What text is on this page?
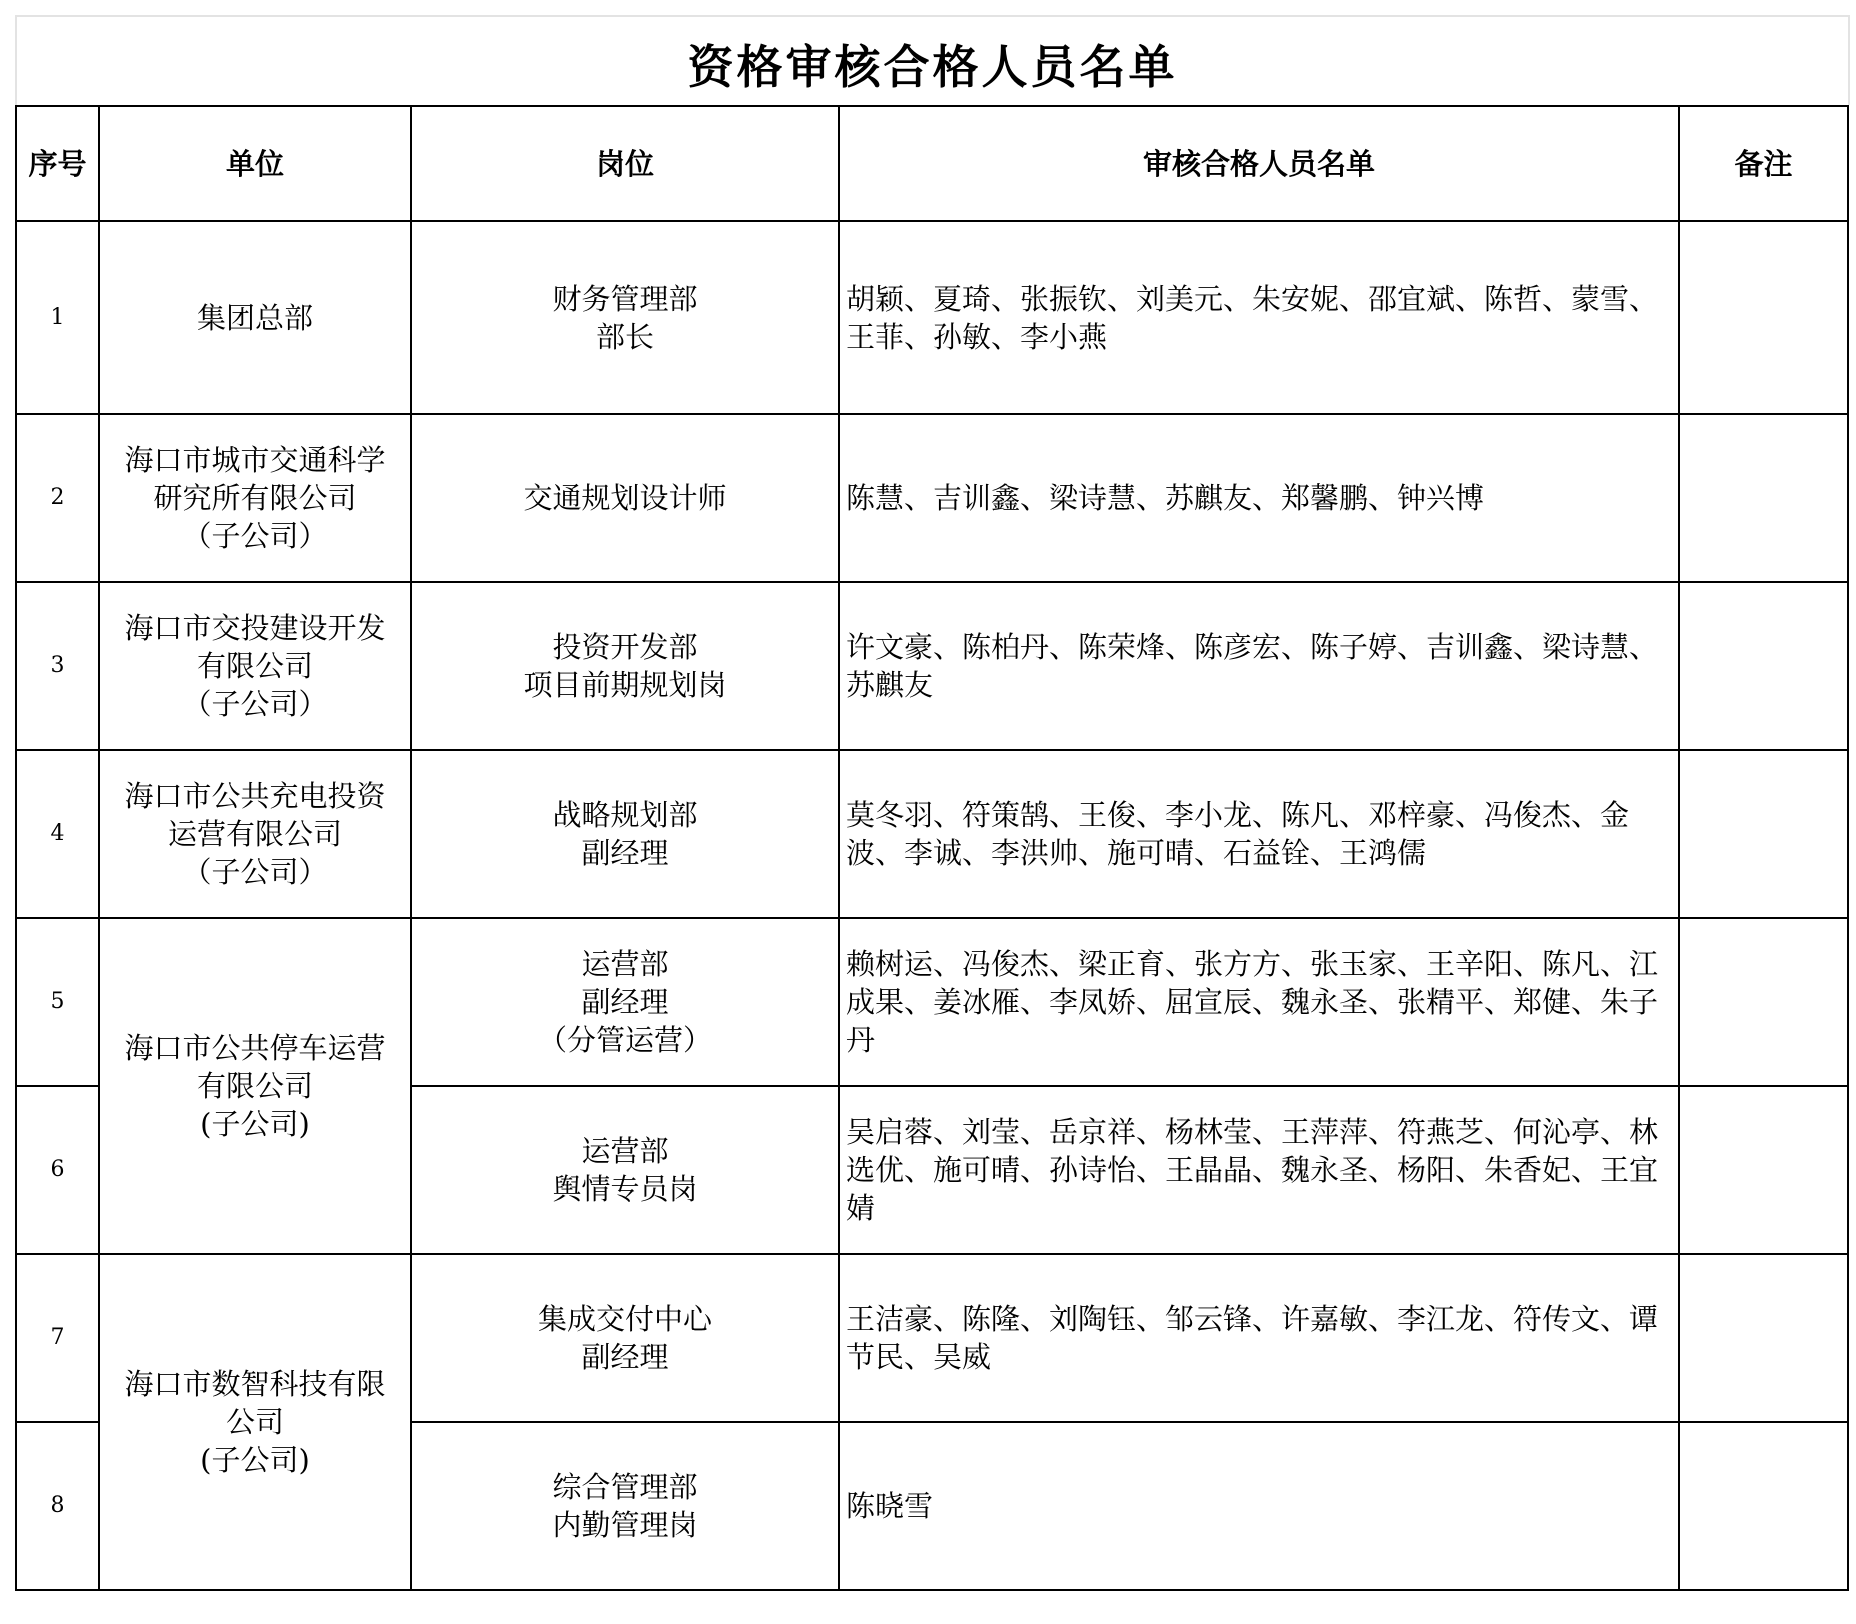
资格审核合格人员名单
序号	单位	岗位	审核合格人员名单	备注
1	集团总部	财务管理部
部长	胡颖、夏琦、张振钦、刘美元、朱安妮、邵宜斌、陈哲、蒙雪、王菲、孙敏、李小燕	
2	海口市城市交通科学
研究所有限公司
（子公司）	交通规划设计师	陈慧、吉训鑫、梁诗慧、苏麒友、郑馨鹏、钟兴博	
3	海口市交投建设开发
有限公司
（子公司）	投资开发部
项目前期规划岗	许文豪、陈柏丹、陈荣烽、陈彦宏、陈子婷、吉训鑫、梁诗慧、苏麒友	
4	海口市公共充电投资
运营有限公司
（子公司）	战略规划部
副经理	莫冬羽、符策鹄、王俊、李小龙、陈凡、邓梓豪、冯俊杰、金波、李诚、李洪帅、施可晴、石益铨、王鸿儒	
5	海口市公共停车运营
有限公司
(子公司)	运营部
副经理
（分管运营）	赖树运、冯俊杰、梁正育、张方方、张玉家、王辛阳、陈凡、江成果、姜冰雁、李凤娇、屈宣辰、魏永圣、张精平、郑健、朱子丹	
6		运营部
舆情专员岗	吴启蓉、刘莹、岳京祥、杨林莹、王萍萍、符燕芝、何沁亭、林选优、施可晴、孙诗怡、王晶晶、魏永圣、杨阳、朱香妃、王宜婧	
7	海口市数智科技有限
公司
(子公司)	集成交付中心
副经理	王洁豪、陈隆、刘陶钰、邹云锋、许嘉敏、李江龙、符传文、谭节民、吴威	
8		综合管理部
内勤管理岗	陈晓雪	
